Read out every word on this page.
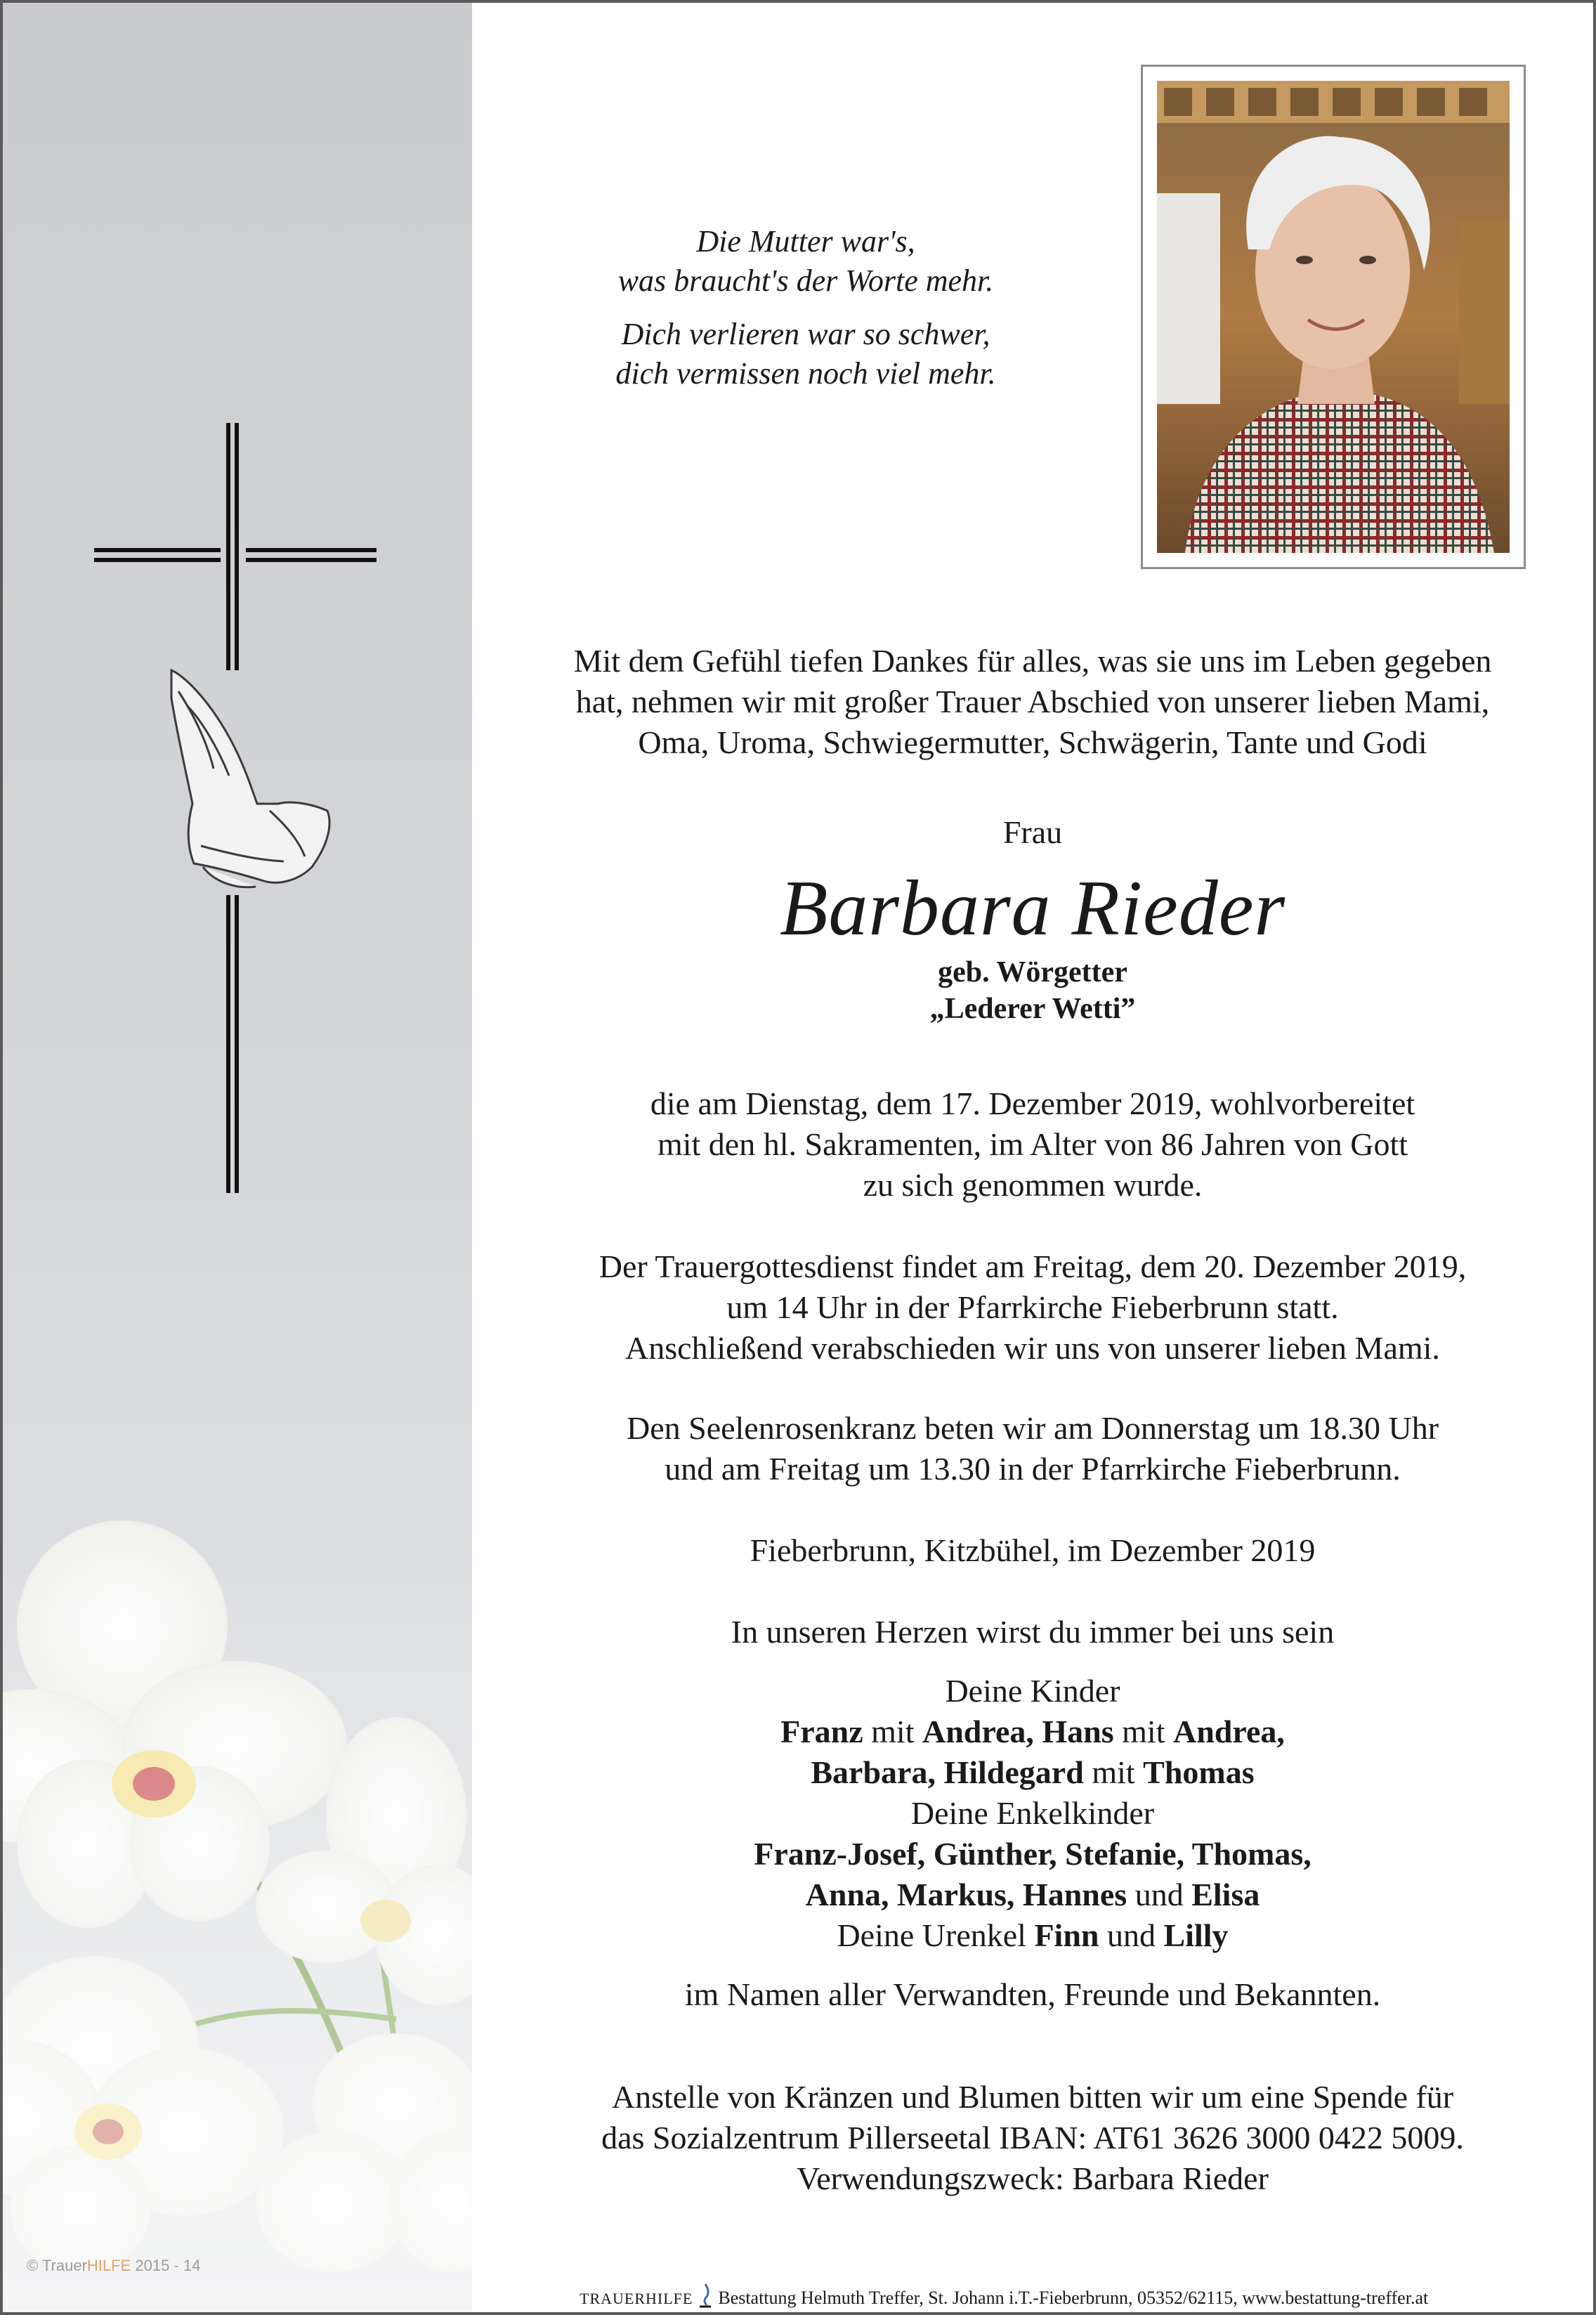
© TrauerHILFE 2015 - 14

Die Mutter war's,
was braucht's der Worte mehr.

Dich verlieren war so schwer,
dich vermissen noch viel mehr.

Mit dem Gefühl tiefen Dankes für alles, was sie uns im Leben gegeben

hat, nehmen wir mit großer Trauer Abschied von unserer lieben Mami,

Oma, Uroma, Schwiegermutter, Schwägerin, Tante und Godi

Frau

Barbara Rieder
geb. Wörgetter
„Lederer Wetti”

die am Dienstag, dem 17. Dezember 2019, wohlvorbereitet

mit den hl. Sakramenten, im Alter von 86 Jahren von Gott

zu sich genommen wurde.

Der Trauergottesdienst findet am Freitag, dem 20. Dezember 2019,

um 14 Uhr in der Pfarrkirche Fieberbrunn statt.

Anschließend verabschieden wir uns von unserer lieben Mami.

Den Seelenrosenkranz beten wir am Donnerstag um 18.30 Uhr

und am Freitag um 13.30 in der Pfarrkirche Fieberbrunn.

Fieberbrunn, Kitzbühel, im Dezember 2019

In unseren Herzen wirst du immer bei uns sein

Deine Kinder

Franz mit Andrea, Hans mit Andrea,

Barbara, Hildegard mit Thomas

Deine Enkelkinder

Franz-Josef, Günther, Stefanie, Thomas,

Anna, Markus, Hannes und Elisa

Deine Urenkel Finn und Lilly

im Namen aller Verwandten, Freunde und Bekannten.

Anstelle von Kränzen und Blumen bitten wir um eine Spende für

das Sozialzentrum Pillerseetal IBAN: AT61 3626 3000 0422 5009.

Verwendungszweck: Barbara Rieder

TRAUERHILFE Bestattung Helmuth Treffer, St. Johann i.T.-Fieberbrunn, 05352/62115, www.bestattung-treffer.at
